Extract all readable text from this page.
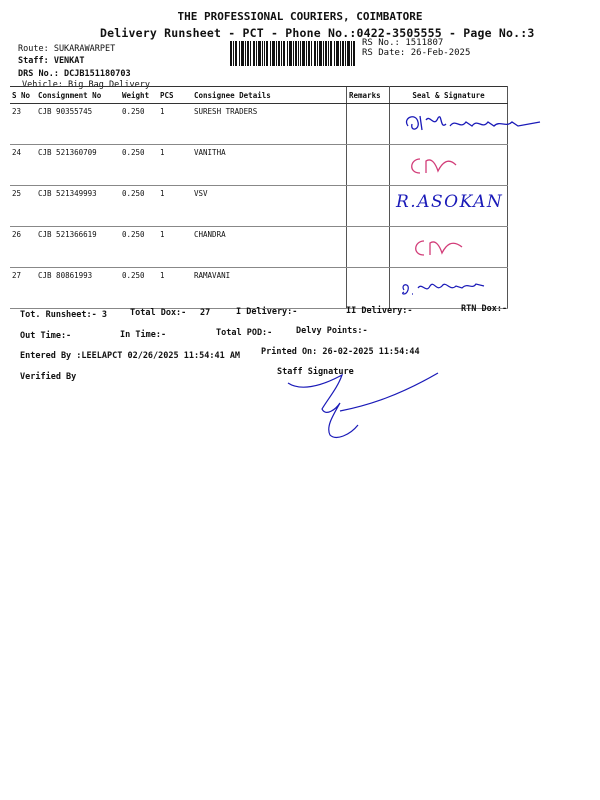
THE PROFESSIONAL COURIERS, COIMBATORE
Delivery Runsheet - PCT - Phone No.:0422-3505555 - Page No.:3
Route: SUKARAWARPET
Staff: VENKAT
DRS No.: DCJB151180703
Vehicle: Big Bag Delivery
RS No.: 1511807
RS Date: 26-Feb-2025
S No	Consignment No	Weight	PCS	Consignee Details	Remarks	Seal & Signature
23	CJB 90355745	0.250	1	SURESH TRADERS		

24	CJB 521360709	0.250	1	VANITHA		

25	CJB 521349993	0.250	1	VSV		R.ASOKAN

26	CJB 521366619	0.250	1	CHANDRA		

27	CJB 80861993	0.250	1	RAMAVANI		
Tot. Runsheet:- 3	Total Dox:- 27	I Delivery:-	II Delivery:-	RTN Dox:-
Out Time:-	In Time:-	Total POD:-	Delvy Points:-
Entered By :LEELAPCT 02/26/2025 11:54:41 AM Printed On: 26-02-2025 11:54:44
Verified By	Staff Signature
